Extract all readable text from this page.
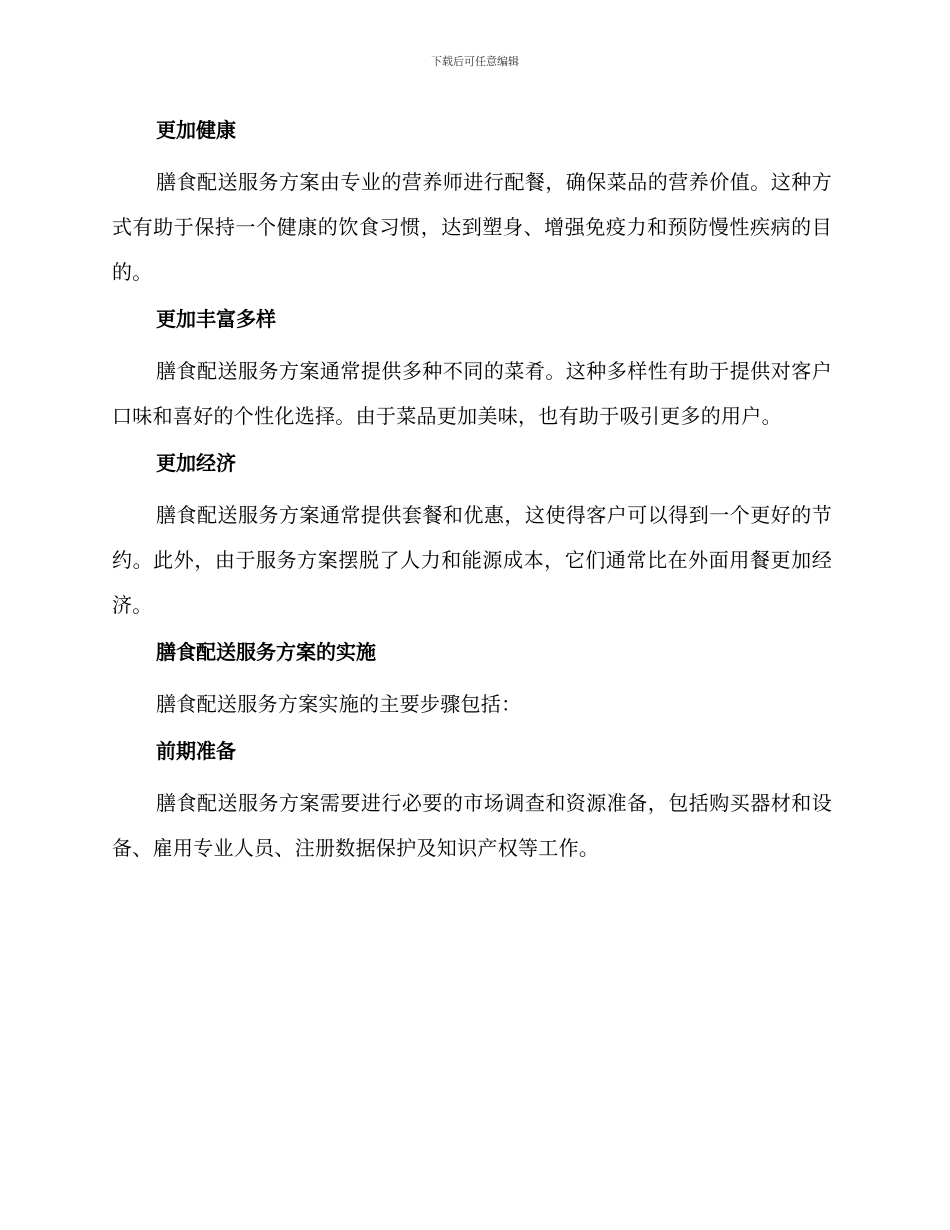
下载后可任意编辑
更加健康

膳食配送服务方案由专业的营养师进行配餐，确保菜品的营养价值。这种方式有助于保持一个健康的饮食习惯，达到塑身、增强免疫力和预防慢性疾病的目的。

更加丰富多样

膳食配送服务方案通常提供多种不同的菜肴。这种多样性有助于提供对客户口味和喜好的个性化选择。由于菜品更加美味，也有助于吸引更多的用户。

更加经济

膳食配送服务方案通常提供套餐和优惠，这使得客户可以得到一个更好的节约。此外，由于服务方案摆脱了人力和能源成本，它们通常比在外面用餐更加经济。

膳食配送服务方案的实施

膳食配送服务方案实施的主要步骤包括：

前期准备

膳食配送服务方案需要进行必要的市场调查和资源准备，包括购买器材和设备、雇用专业人员、注册数据保护及知识产权等工作。
